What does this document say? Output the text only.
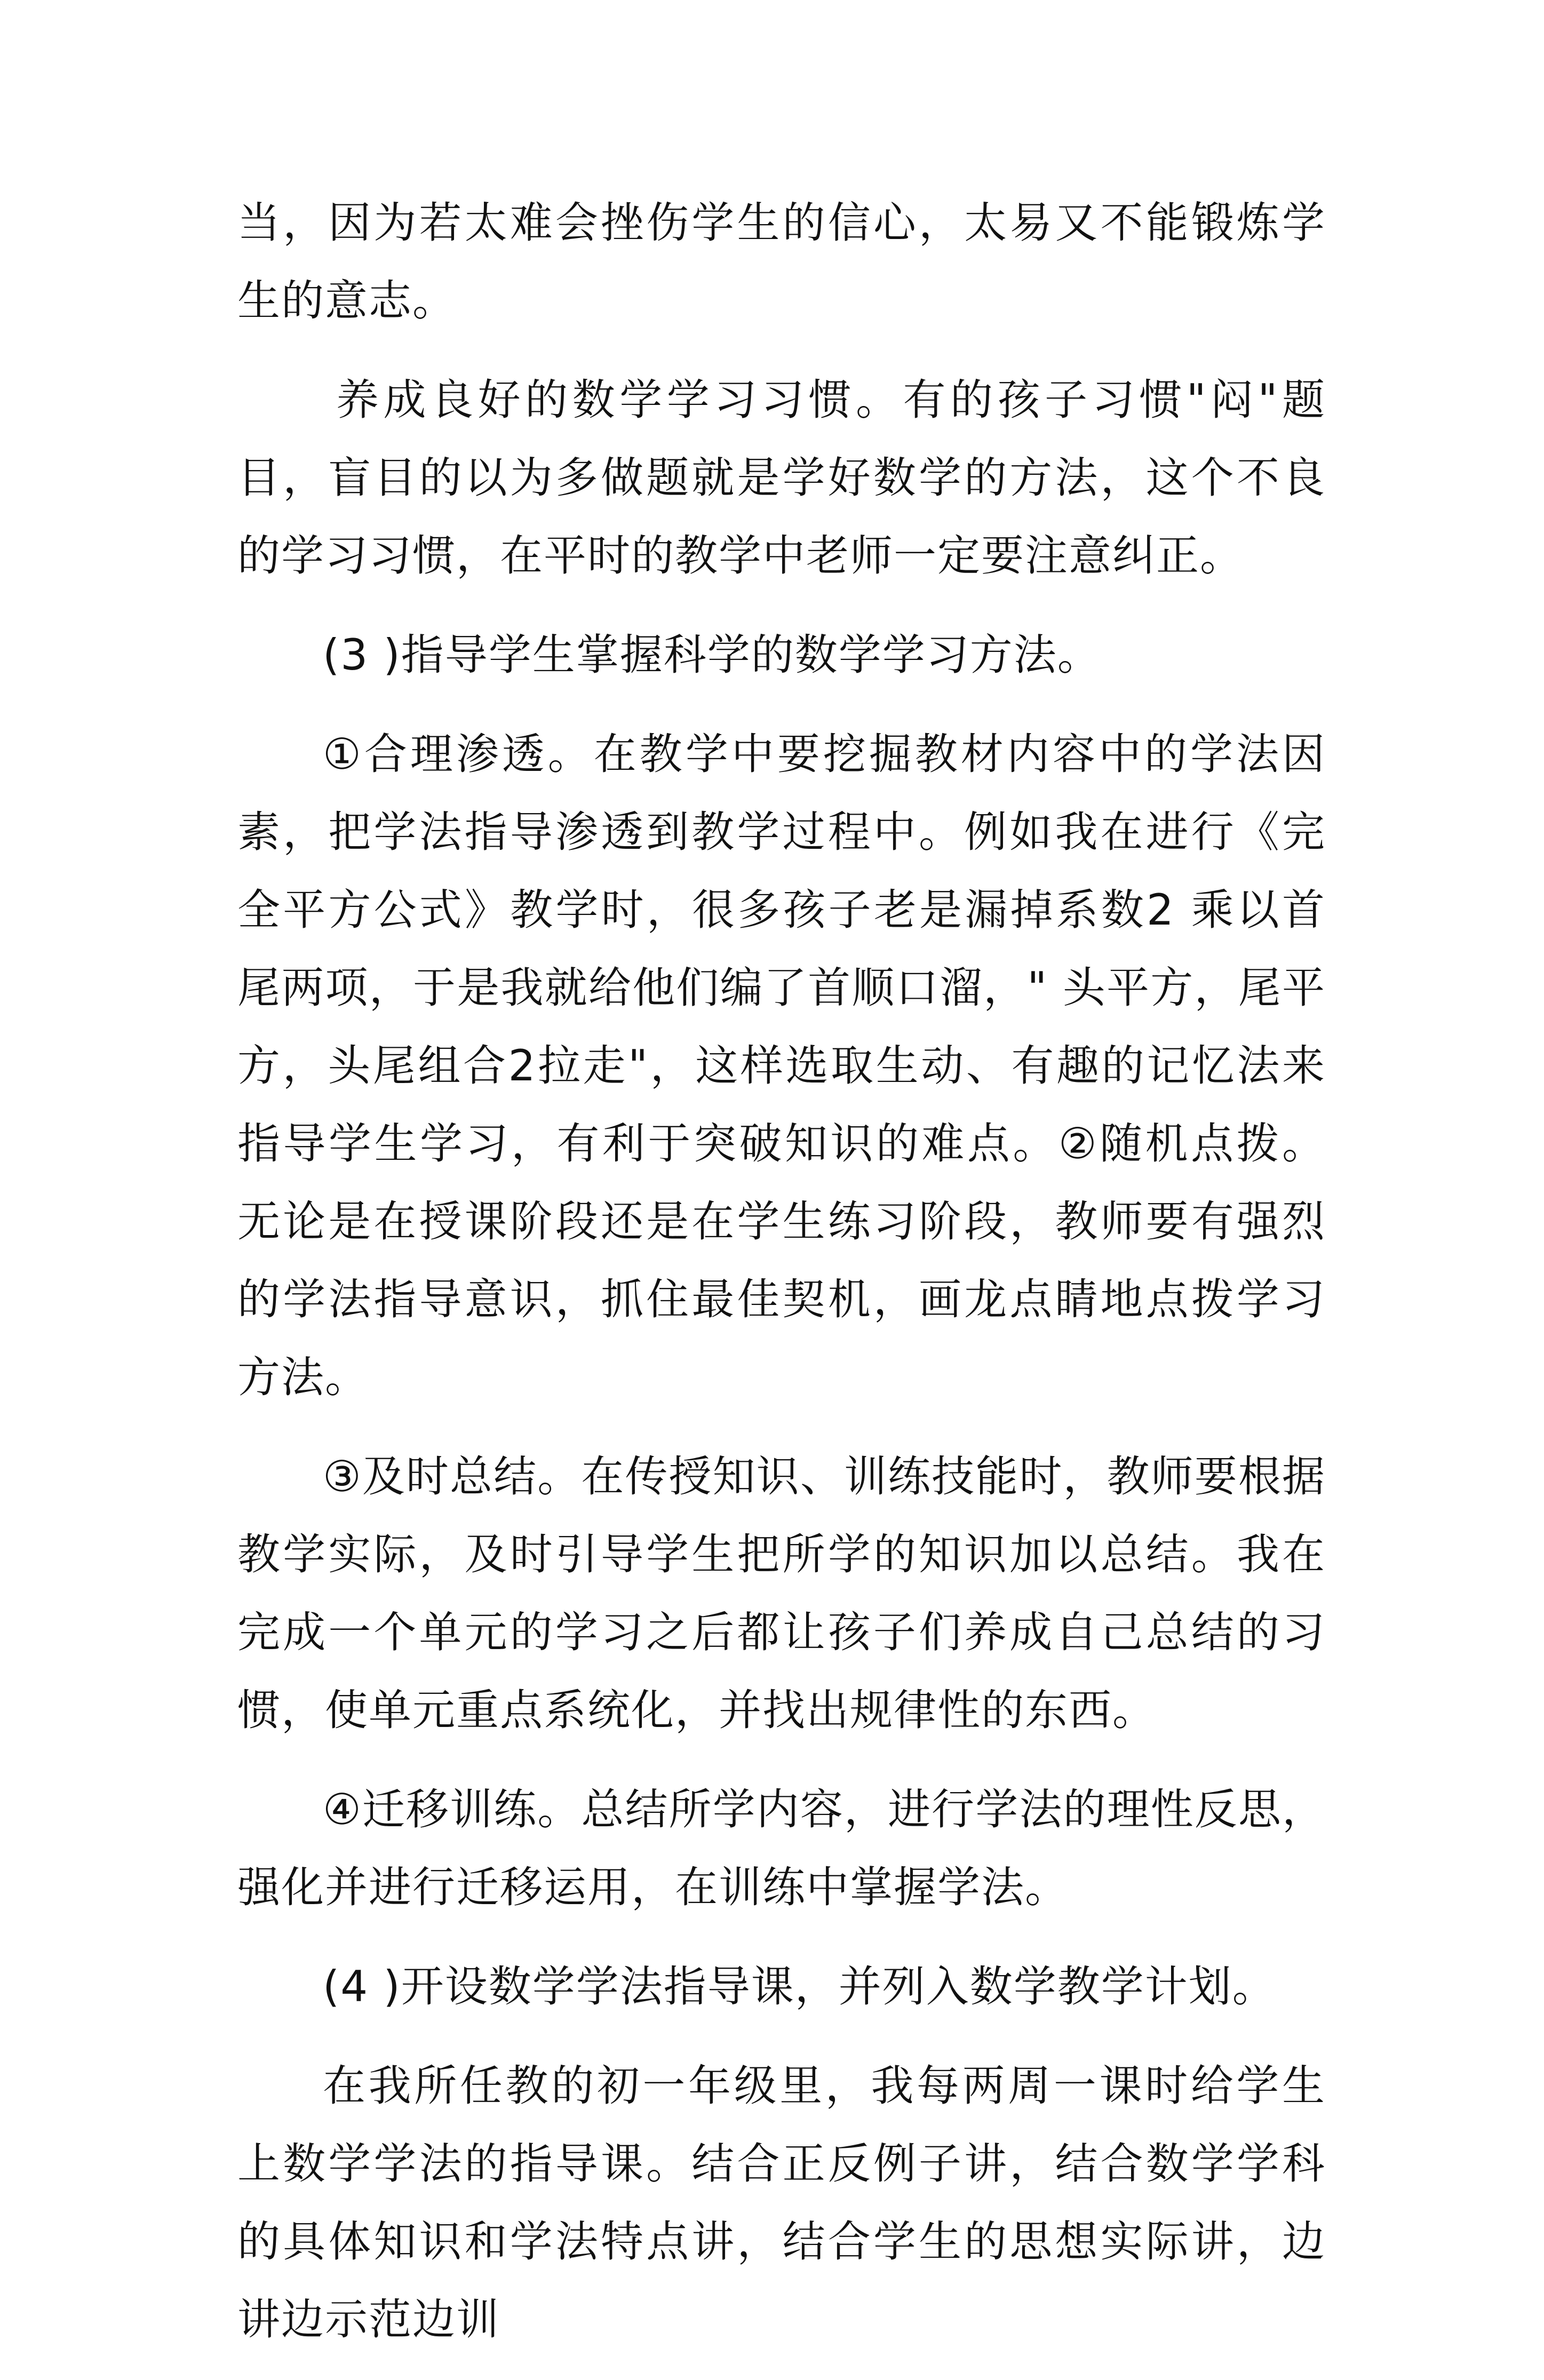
当，因为若太难会挫伤学生的信心，太易又不能锻炼学生的意志。

养成良好的数学学习习惯。有的孩子习惯"闷"题目，盲目的以为多做题就是学好数学的方法，这个不良的学习习惯，在平时的教学中老师一定要注意纠正。

(3 )指导学生掌握科学的数学学习方法。

①合理渗透。在教学中要挖掘教材内容中的学法因素，把学法指导渗透到教学过程中。例如我在进行《完全平方公式》教学时，很多孩子老是漏掉系数2 乘以首尾两项，于是我就给他们编了首顺口溜，" 头平方，尾平方，头尾组合2拉走"，这样选取生动、有趣的记忆法来指导学生学习，有利于突破知识的难点。②随机点拨。无论是在授课阶段还是在学生练习阶段，教师要有强烈的学法指导意识，抓住最佳契机，画龙点睛地点拨学习方法。

③及时总结。在传授知识、训练技能时，教师要根据教学实际，及时引导学生把所学的知识加以总结。我在完成一个单元的学习之后都让孩子们养成自己总结的习惯，使单元重点系统化，并找出规律性的东西。

④迁移训练。总结所学内容，进行学法的理性反思，强化并进行迁移运用，在训练中掌握学法。

(4 )开设数学学法指导课，并列入数学教学计划。

在我所任教的初一年级里，我每两周一课时给学生上数学学法的指导课。结合正反例子讲，结合数学学科的具体知识和学法特点讲，结合学生的思想实际讲，边讲边示范边训
